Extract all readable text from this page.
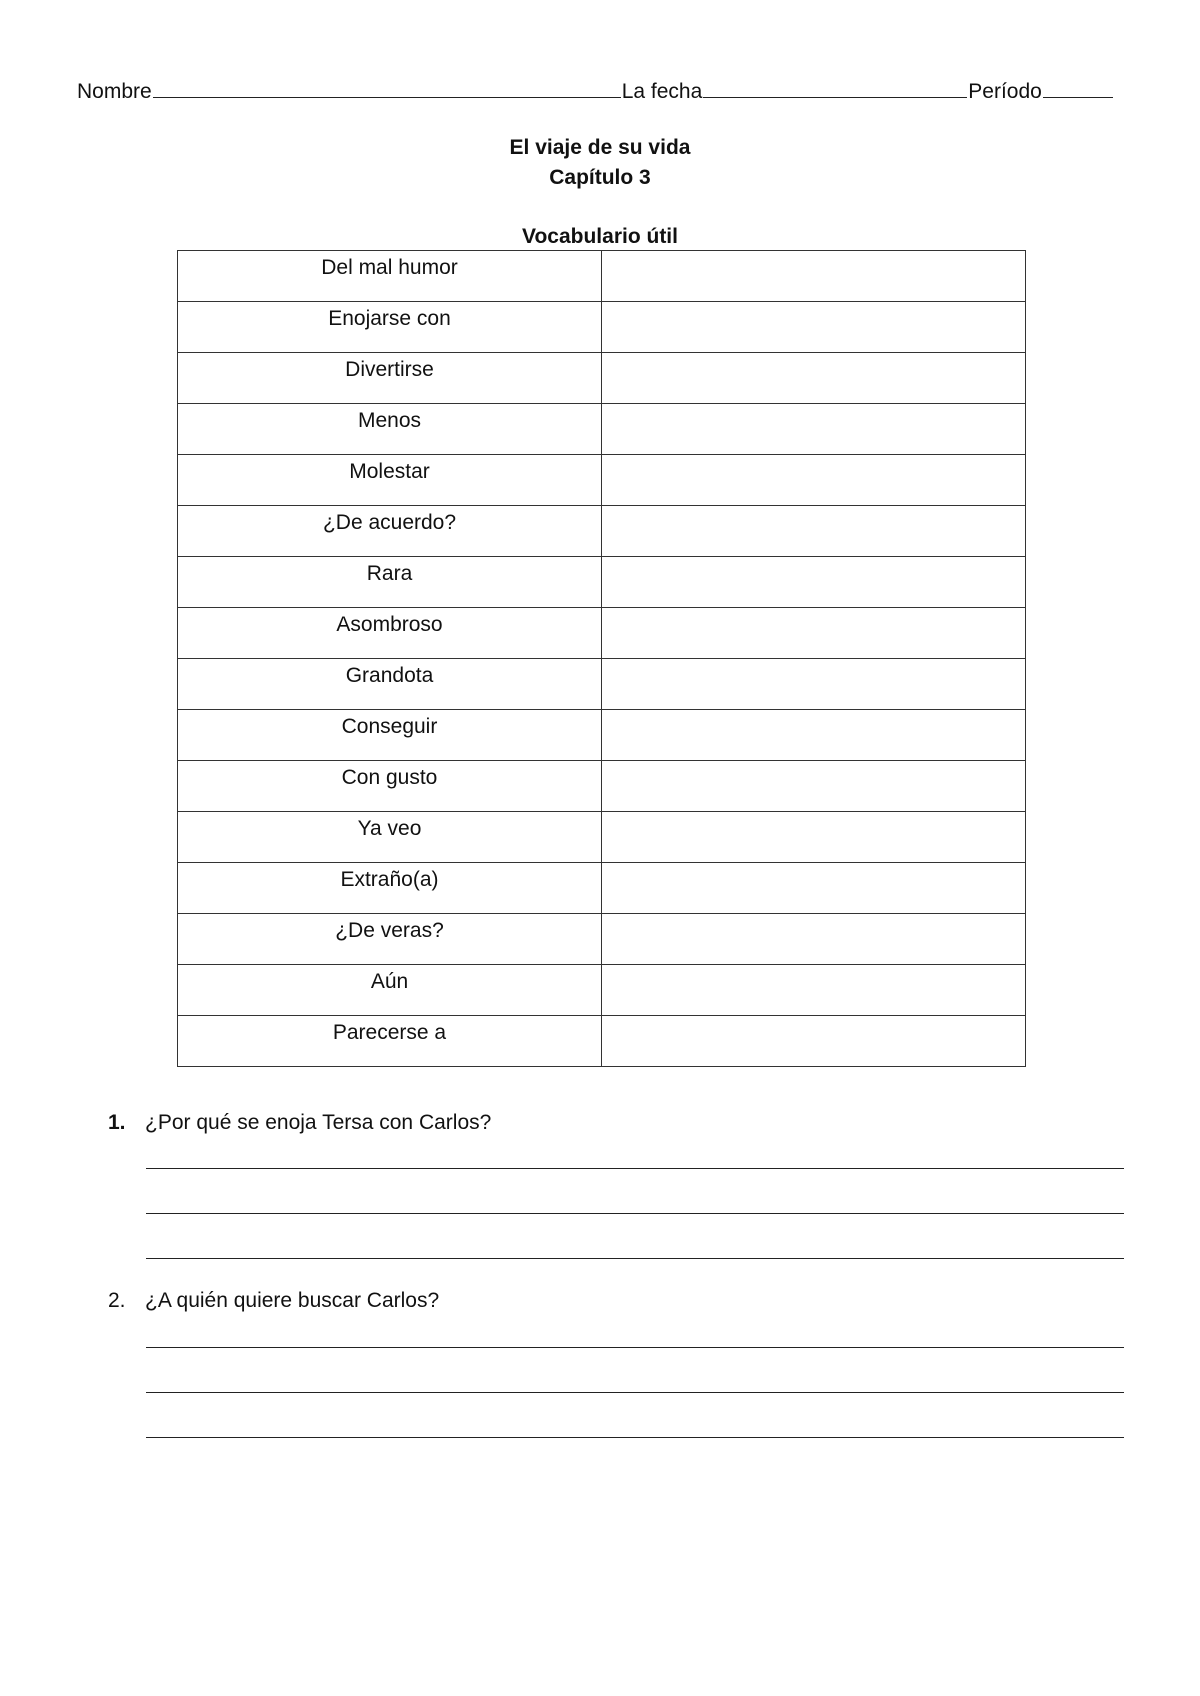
Nombre	La fecha	Período
El viaje de su vida
Capítulo 3
Vocabulario útil
Del mal humor	
Enojarse con	
Divertirse	
Menos	
Molestar	
¿De acuerdo?	
Rara	
Asombroso	
Grandota	
Conseguir	
Con gusto	
Ya veo	
Extraño(a)	
¿De veras?	
Aún	
Parecerse a	
1. ¿Por qué se enoja Tersa con Carlos?
2. ¿A quién quiere buscar Carlos?
